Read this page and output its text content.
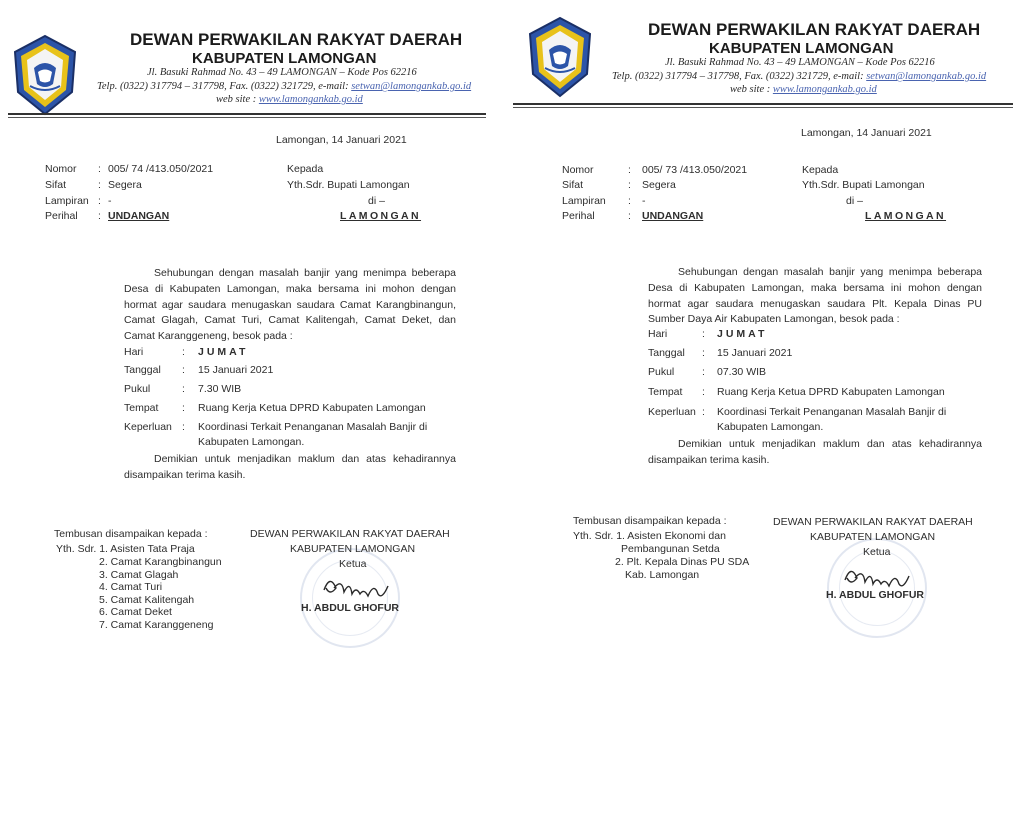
DEWAN PERWAKILAN RAKYAT DAERAH
KABUPATEN LAMONGAN
Jl. Basuki Rahmad No. 43 – 49 LAMONGAN – Kode Pos 62216
Telp. (0322) 317794 – 317798, Fax. (0322) 321729, e-mail: setwan@lamongankab.go.id
web site : www.lamongankab.go.id
Lamongan, 14 Januari 2021
Nomor : 005/ 74 /413.050/2021
Sifat	: Segera
Lampiran : -
Perihal : UNDANGAN
Kepada
Yth.Sdr. Bupati Lamongan
di –
LAMONGAN
Sehubungan dengan masalah banjir yang menimpa beberapa Desa di Kabupaten Lamongan, maka bersama ini mohon dengan hormat agar saudara menugaskan saudara Camat Karangbinangun, Camat Glagah, Camat Turi, Camat Kalitengah, Camat Deket, dan Camat Karanggeneng, besok pada :
Hari	: JUMAT
Tanggal : 15 Januari 2021
Pukul	: 7.30 WIB
Tempat : Ruang Kerja Ketua DPRD Kabupaten Lamongan
Keperluan : Koordinasi Terkait Penanganan Masalah Banjir di
Kabupaten Lamongan.
Demikian untuk menjadikan maklum dan atas kehadirannya disampaikan terima kasih.
Tembusan disampaikan kepada :
Yth. Sdr. 1. Asisten Tata Praja
2. Camat Karangbinangun
3. Camat Glagah
4. Camat Turi
5. Camat Kalitengah
6. Camat Deket
7. Camat Karanggeneng
DEWAN PERWAKILAN RAKYAT DAERAH
KABUPATEN LAMONGAN
Ketua
H. ABDUL GHOFUR
DEWAN PERWAKILAN RAKYAT DAERAH
KABUPATEN LAMONGAN
Jl. Basuki Rahmad No. 43 – 49 LAMONGAN – Kode Pos 62216
Telp. (0322) 317794 – 317798, Fax. (0322) 321729, e-mail: setwan@lamongankab.go.id
web site : www.lamongankab.go.id
Lamongan, 14 Januari 2021
Nomor	: 005/ 73 /413.050/2021
Sifat	: Segera
Lampiran : -
Perihal	: UNDANGAN
Kepada
Yth.Sdr. Bupati Lamongan
di –
LAMONGAN
Sehubungan dengan masalah banjir yang menimpa beberapa Desa di Kabupaten Lamongan, maka bersama ini mohon dengan hormat agar saudara menugaskan saudara Plt. Kepala Dinas PU Sumber Daya Air Kabupaten Lamongan, besok pada :
Hari	: JUMAT
Tanggal : 15 Januari 2021
Pukul	: 07.30 WIB
Tempat : Ruang Kerja Ketua DPRD Kabupaten Lamongan
Keperluan : Koordinasi Terkait Penanganan Masalah Banjir di
Kabupaten Lamongan.
Demikian untuk menjadikan maklum dan atas kehadirannya disampaikan terima kasih.
Tembusan disampaikan kepada :
Yth. Sdr. 1. Asisten Ekonomi dan
Pembangunan Setda
2. Plt. Kepala Dinas PU SDA
Kab. Lamongan
DEWAN PERWAKILAN RAKYAT DAERAH
KABUPATEN LAMONGAN
Ketua
H. ABDUL GHOFUR
